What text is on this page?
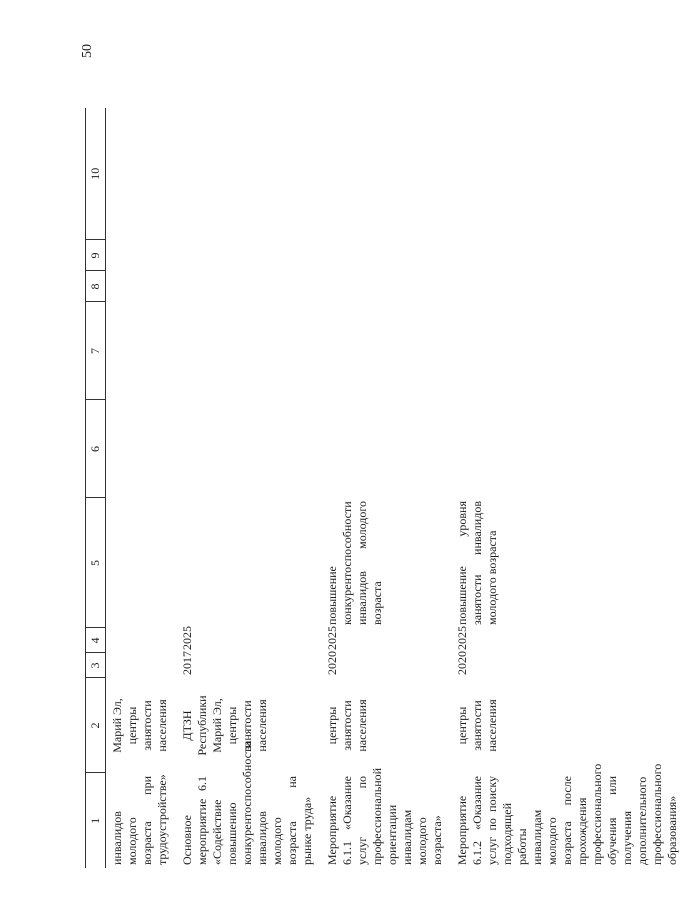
50
1	2	3	4	5	6	7	8	9	10
инвалидов молодого возраста при трудоустройстве»	Марий Эл, центры занятости населения								
Основное мероприятие 6.1 «Содействие повышению конкурентоспособности инвалидов молодого возраста на рынке труда»	ДТЗН Республики Марий Эл, центры занятости населения	2017	2025						
Мероприятие 6.1.1 «Оказание услуг по профессиональной ориентации инвалидам молодого возраста»	центры занятости населения	2020	2025	повышение конкурентоспособности инвалидов молодого возраста					
Мероприятие 6.1.2 «Оказание услуг по поиску подходящей работы инвалидам молодого возраста после прохождения профессионального обучения или получения дополнительного профессионального образования»	центры занятости населения	2020	2025	повышение уровня занятости инвалидов молодого возраста					
